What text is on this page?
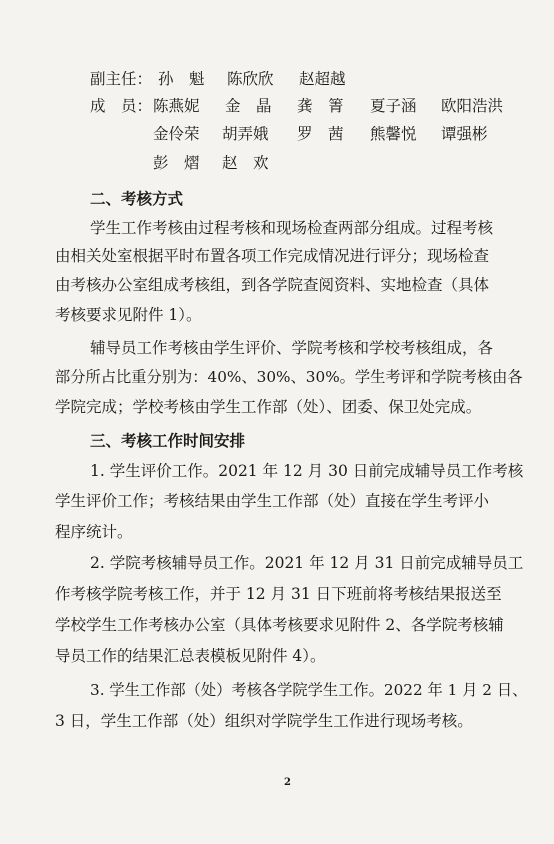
副主任： 孙　魁 陈欣欣 赵超越
成　员： 陈燕妮 金　晶 龚　箐 夏子涵 欧阳浩洪
金伶荣 胡弄娥 罗　茜 熊馨悦 谭强彬
彭　熠 赵　欢
二、考核方式
学生工作考核由过程考核和现场检查两部分组成。过程考核
由相关处室根据平时布置各项工作完成情况进行评分；现场检查
由考核办公室组成考核组，到各学院查阅资料、实地检查（具体
考核要求见附件 1）。
辅导员工作考核由学生评价、学院考核和学校考核组成，各
部分所占比重分别为：40%、30%、30%。学生考评和学院考核由各
学院完成；学校考核由学生工作部（处）、团委、保卫处完成。
三、考核工作时间安排
1. 学生评价工作。2021 年 12 月 30 日前完成辅导员工作考核
学生评价工作；考核结果由学生工作部（处）直接在学生考评小
程序统计。
2. 学院考核辅导员工作。2021 年 12 月 31 日前完成辅导员工
作考核学院考核工作，并于 12 月 31 日下班前将考核结果报送至
学校学生工作考核办公室（具体考核要求见附件 2、各学院考核辅
导员工作的结果汇总表模板见附件 4）。
3. 学生工作部（处）考核各学院学生工作。2022 年 1 月 2 日、
3 日，学生工作部（处）组织对学院学生工作进行现场考核。
2
